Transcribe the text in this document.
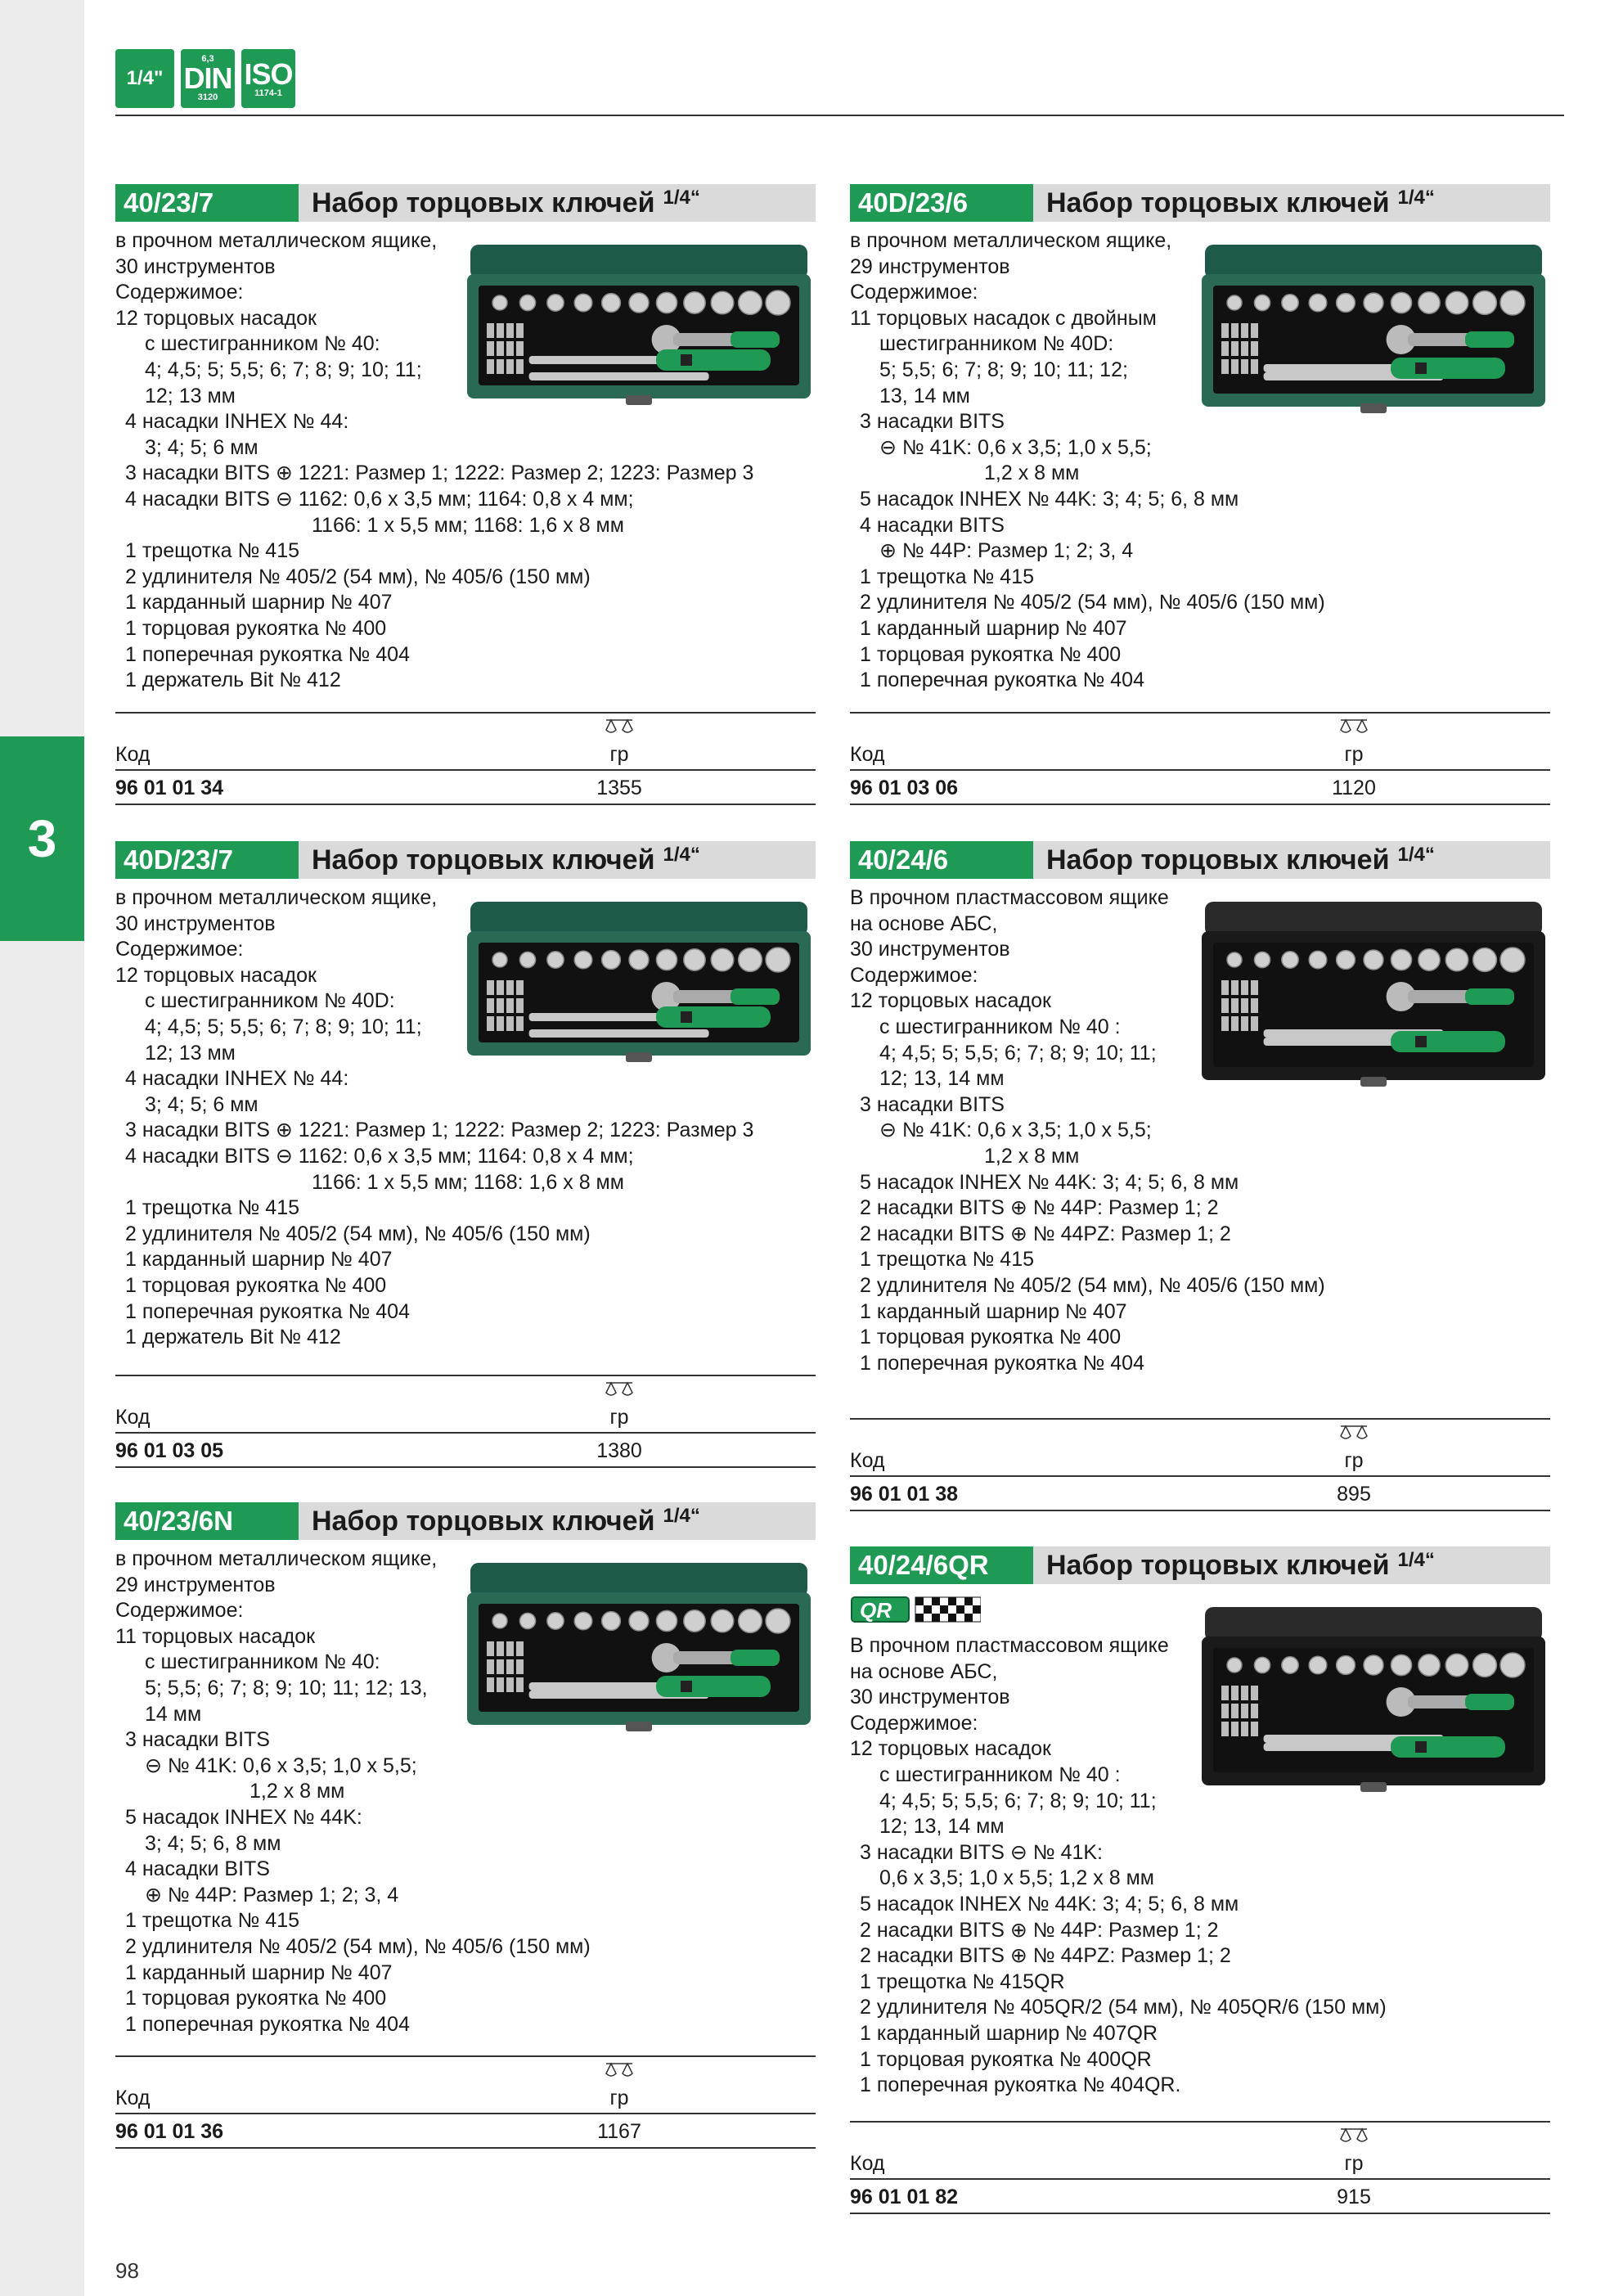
3
1/4"
6,3
DIN
3120
ISO
1174-1
40/23/7	Набор торцовых ключей 1/4“
в прочном металлическом ящике,
30 инструментов
Содержимое:
12 торцовых насадок
с шестигранником № 40:
4; 4,5; 5; 5,5; 6; 7; 8; 9; 10; 11;
12; 13 мм
4 насадки INHEX № 44:
3; 4; 5; 6 мм
3 насадки BITS ⊕ 1221: Размер 1; 1222: Размер 2; 1223: Размер 3
4 насадки BITS ⊖ 1162: 0,6 x 3,5 мм; 1164: 0,8 x 4 мм;
1166: 1 x 5,5 мм; 1168: 1,6 x 8 мм
1 трещотка № 415
2 удлинителя № 405/2 (54 мм), № 405/6 (150 мм)
1 карданный шарнир № 407
1 торцовая рукоятка № 400
1 поперечная рукоятка № 404
1 держатель Bit № 412
Код	гр
96 01 01 34	1355
40D/23/6	Набор торцовых ключей 1/4“
в прочном металлическом ящике,
29 инструментов
Содержимое:
11 торцовых насадок с двойным
шестигранником № 40D:
5; 5,5; 6; 7; 8; 9; 10; 11; 12;
13, 14 мм
3 насадки BITS
⊖ № 41K: 0,6 x 3,5; 1,0 x 5,5;
1,2 x 8 мм
5 насадок INHEX № 44K: 3; 4; 5; 6, 8 мм
4 насадки BITS
⊕ № 44P: Размер 1; 2; 3, 4
1 трещотка № 415
2 удлинителя № 405/2 (54 мм), № 405/6 (150 мм)
1 карданный шарнир № 407
1 торцовая рукоятка № 400
1 поперечная рукоятка № 404
Код	гр
96 01 03 06	1120
40D/23/7	Набор торцовых ключей 1/4“
в прочном металлическом ящике,
30 инструментов
Содержимое:
12 торцовых насадок
с шестигранником № 40D:
4; 4,5; 5; 5,5; 6; 7; 8; 9; 10; 11;
12; 13 мм
4 насадки INHEX № 44:
3; 4; 5; 6 мм
3 насадки BITS ⊕ 1221: Размер 1; 1222: Размер 2; 1223: Размер 3
4 насадки BITS ⊖ 1162: 0,6 x 3,5 мм; 1164: 0,8 x 4 мм;
1166: 1 x 5,5 мм; 1168: 1,6 x 8 мм
1 трещотка № 415
2 удлинителя № 405/2 (54 мм), № 405/6 (150 мм)
1 карданный шарнир № 407
1 торцовая рукоятка № 400
1 поперечная рукоятка № 404
1 держатель Bit № 412
Код	гр
96 01 03 05	1380
40/24/6	Набор торцовых ключей 1/4“
В прочном пластмассовом ящике
на основе АБС,
30 инструментов
Содержимое:
12 торцовых насадок
с шестигранником № 40 :
4; 4,5; 5; 5,5; 6; 7; 8; 9; 10; 11;
12; 13, 14 мм
3 насадки BITS
⊖ № 41K: 0,6 x 3,5; 1,0 x 5,5;
1,2 x 8 мм
5 насадок INHEX № 44K: 3; 4; 5; 6, 8 мм
2 насадки BITS ⊕ № 44P: Размер 1; 2
2 насадки BITS ⊕ № 44PZ: Размер 1; 2
1 трещотка № 415
2 удлинителя № 405/2 (54 мм), № 405/6 (150 мм)
1 карданный шарнир № 407
1 торцовая рукоятка № 400
1 поперечная рукоятка № 404
Код	гр
96 01 01 38	895
40/23/6N	Набор торцовых ключей 1/4“
в прочном металлическом ящике,
29 инструментов
Содержимое:
11 торцовых насадок
с шестигранником № 40:
5; 5,5; 6; 7; 8; 9; 10; 11; 12; 13,
14 мм
3 насадки BITS
⊖ № 41K: 0,6 x 3,5; 1,0 x 5,5;
1,2 x 8 мм
5 насадок INHEX № 44K:
3; 4; 5; 6, 8 мм
4 насадки BITS
⊕ № 44P: Размер 1; 2; 3, 4
1 трещотка № 415
2 удлинителя № 405/2 (54 мм), № 405/6 (150 мм)
1 карданный шарнир № 407
1 торцовая рукоятка № 400
1 поперечная рукоятка № 404
Код	гр
96 01 01 36	1167
40/24/6QR	Набор торцовых ключей 1/4“
QR
В прочном пластмассовом ящике
на основе АБС,
30 инструментов
Содержимое:
12 торцовых насадок
с шестигранником № 40 :
4; 4,5; 5; 5,5; 6; 7; 8; 9; 10; 11;
12; 13, 14 мм
3 насадки BITS ⊖ № 41K:
0,6 x 3,5; 1,0 x 5,5; 1,2 x 8 мм
5 насадок INHEX № 44K: 3; 4; 5; 6, 8 мм
2 насадки BITS ⊕ № 44P: Размер 1; 2
2 насадки BITS ⊕ № 44PZ: Размер 1; 2
1 трещотка № 415QR
2 удлинителя № 405QR/2 (54 мм), № 405QR/6 (150 мм)
1 карданный шарнир № 407QR
1 торцовая рукоятка № 400QR
1 поперечная рукоятка № 404QR.
Код	гр
96 01 01 82	915
98
